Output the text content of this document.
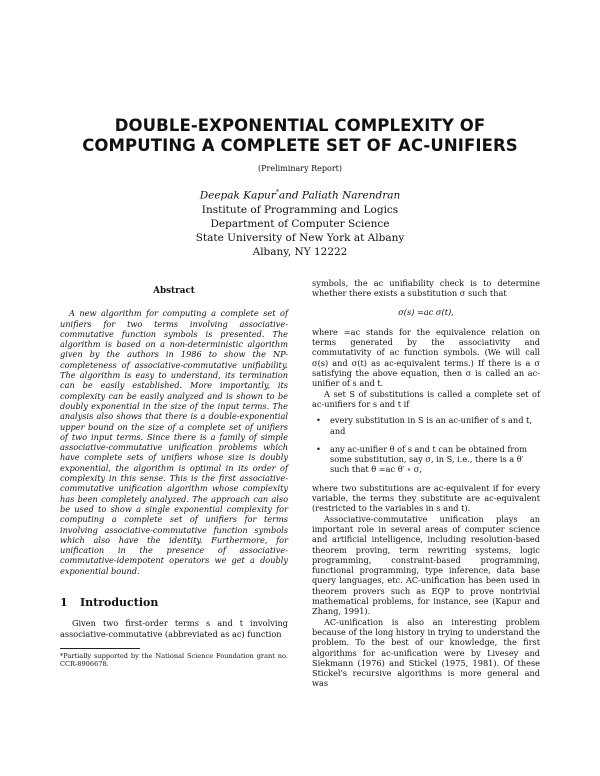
DOUBLE-EXPONENTIAL COMPLEXITY OF
COMPUTING A COMPLETE SET OF AC-UNIFIERS
(Preliminary Report)
Deepak Kapur*and Paliath Narendran
Institute of Programming and Logics
Department of Computer Science
State University of New York at Albany
Albany, NY 12222
Abstract

A new algorithm for computing a complete set of unifiers for two terms involving associative-commutative function symbols is presented. The algorithm is based on a non-deterministic algorithm given by the authors in 1986 to show the NP-completeness of associative-commutative unifiability. The algorithm is easy to understand, its termination can be easily established. More importantly, its complexity can be easily analyzed and is shown to be doubly exponential in the size of the input terms. The analysis also shows that there is a double-exponential upper bound on the size of a complete set of unifiers of two input terms. Since there is a family of simple associative-commutative unification problems which have complete sets of unifiers whose size is doubly exponential, the algorithm is optimal in its order of complexity in this sense. This is the first associative-commutative unification algorithm whose complexity has been completely analyzed. The approach can also be used to show a single exponential complexity for computing a complete set of unifiers for terms involving associative-commutative function symbols which also have the identity. Furthermore, for unification in the presence of associative-commutative-idempotent operators we get a doubly exponential bound.

1 Introduction

Given two first-order terms s and t involving associative-commutative (abbreviated as ac) function

*Partially supported by the National Science Foundation grant no. CCR-8906678.

symbols, the ac unifiability check is to determine whether there exists a substitution σ such that

σ(s) =ac σ(t),

where =ac stands for the equivalence relation on terms generated by the associativity and commutativity of ac function symbols. (We will call σ(s) and σ(t) as ac-equivalent terms.) If there is a σ satisfying the above equation, then σ is called an ac-unifier of s and t.

A set S of substitutions is called a complete set of ac-unifiers for s and t if

• every substitution in S is an ac-unifier of s and t, and
• any ac-unifier θ of s and t can be obtained from some substitution, say σ, in S, i.e., there is a θ′ such that θ =ac θ′ ∘ σ,

where two substitutions are ac-equivalent if for every variable, the terms they substitute are ac-equivalent (restricted to the variables in s and t).

Associative-commutative unification plays an important role in several areas of computer science and artificial intelligence, including resolution-based theorem proving, term rewriting systems, logic programming, constraint-based programming, functional programming, type inference, data base query languages, etc. AC-unification has been used in theorem provers such as EQP to prove nontrivial mathematical problems, for instance, see (Kapur and Zhang, 1991).

AC-unification is also an interesting problem because of the long history in trying to understand the problem. To the best of our knowledge, the first algorithms for ac-unification were by Livesey and Siekmann (1976) and Stickel (1975, 1981). Of these Stickel's recursive algorithms is more general and was
